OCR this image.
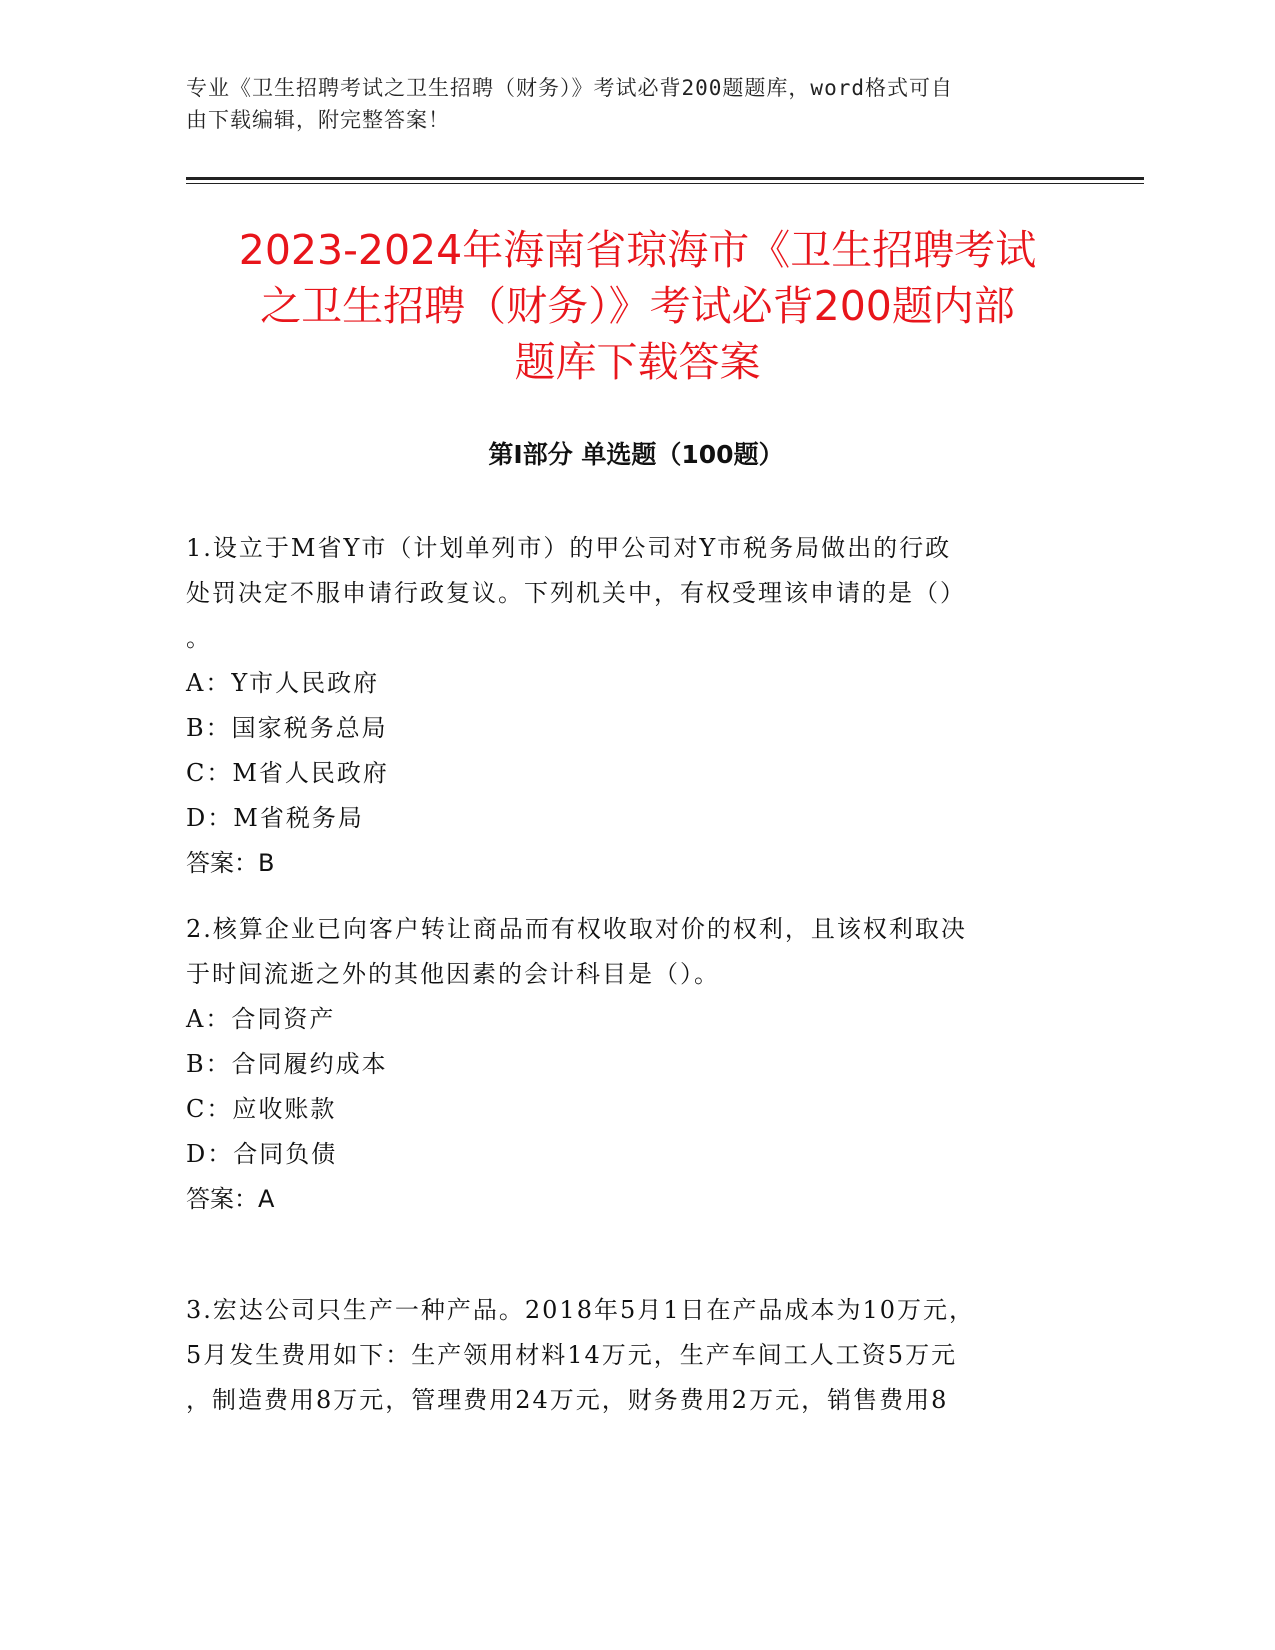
专业《卫生招聘考试之卫生招聘（财务）》考试必背200题题库，word格式可自
由下载编辑，附完整答案！
2023-2024年海南省琼海市《卫生招聘考试
之卫生招聘（财务）》考试必背200题内部
题库下载答案
第Ⅰ部分 单选题（100题）

1.设立于M省Y市（计划单列市）的甲公司对Y市税务局做出的行政

处罚决定不服申请行政复议。下列机关中，有权受理该申请的是（）

。

A：Y市人民政府

B：国家税务总局

C：M省人民政府

D：M省税务局

答案：B

2.核算企业已向客户转让商品而有权收取对价的权利，且该权利取决

于时间流逝之外的其他因素的会计科目是（）。

A：合同资产

B：合同履约成本

C：应收账款

D：合同负债

答案：A

3.宏达公司只生产一种产品。2018年5月1日在产品成本为10万元，

5月发生费用如下：生产领用材料14万元，生产车间工人工资5万元

，制造费用8万元，管理费用24万元，财务费用2万元，销售费用8
